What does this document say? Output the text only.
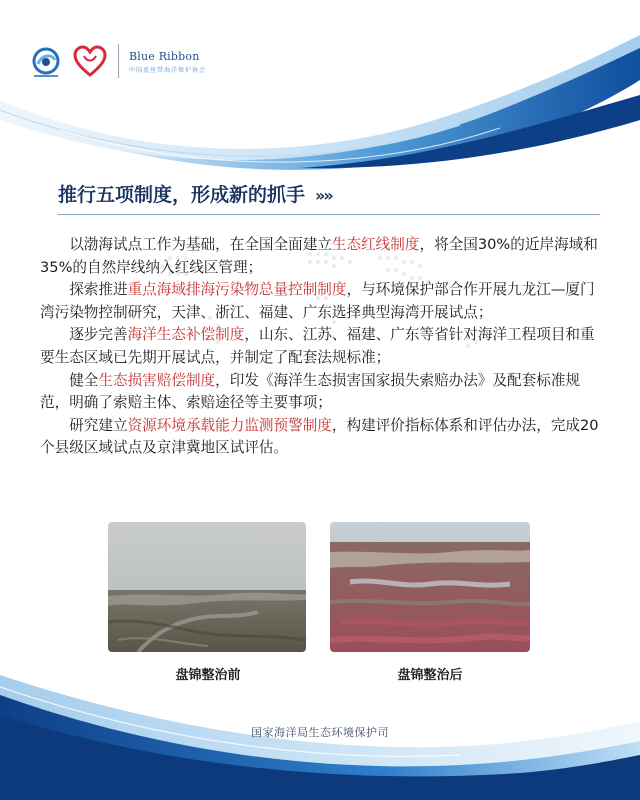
Blue Ribbon
中国蓝丝带海洋保护协会
推行五项制度，形成新的抓手 »»

以渤海试点工作为基础，在全国全面建立生态红线制度，将全国30%的近岸海域和35%的自然岸线纳入红线区管理；

探索推进重点海域排海污染物总量控制制度，与环境保护部合作开展九龙江—厦门湾污染物控制研究，天津、浙江、福建、广东选择典型海湾开展试点；

逐步完善海洋生态补偿制度，山东、江苏、福建、广东等省针对海洋工程项目和重要生态区域已先期开展试点，并制定了配套法规标准；

健全生态损害赔偿制度，印发《海洋生态损害国家损失索赔办法》及配套标准规范，明确了索赔主体、索赔途径等主要事项；

研究建立资源环境承载能力监测预警制度，构建评价指标体系和评估办法，完成20个县级区域试点及京津冀地区试评估。

盘锦整治前	盘锦整治后
国家海洋局生态环境保护司
